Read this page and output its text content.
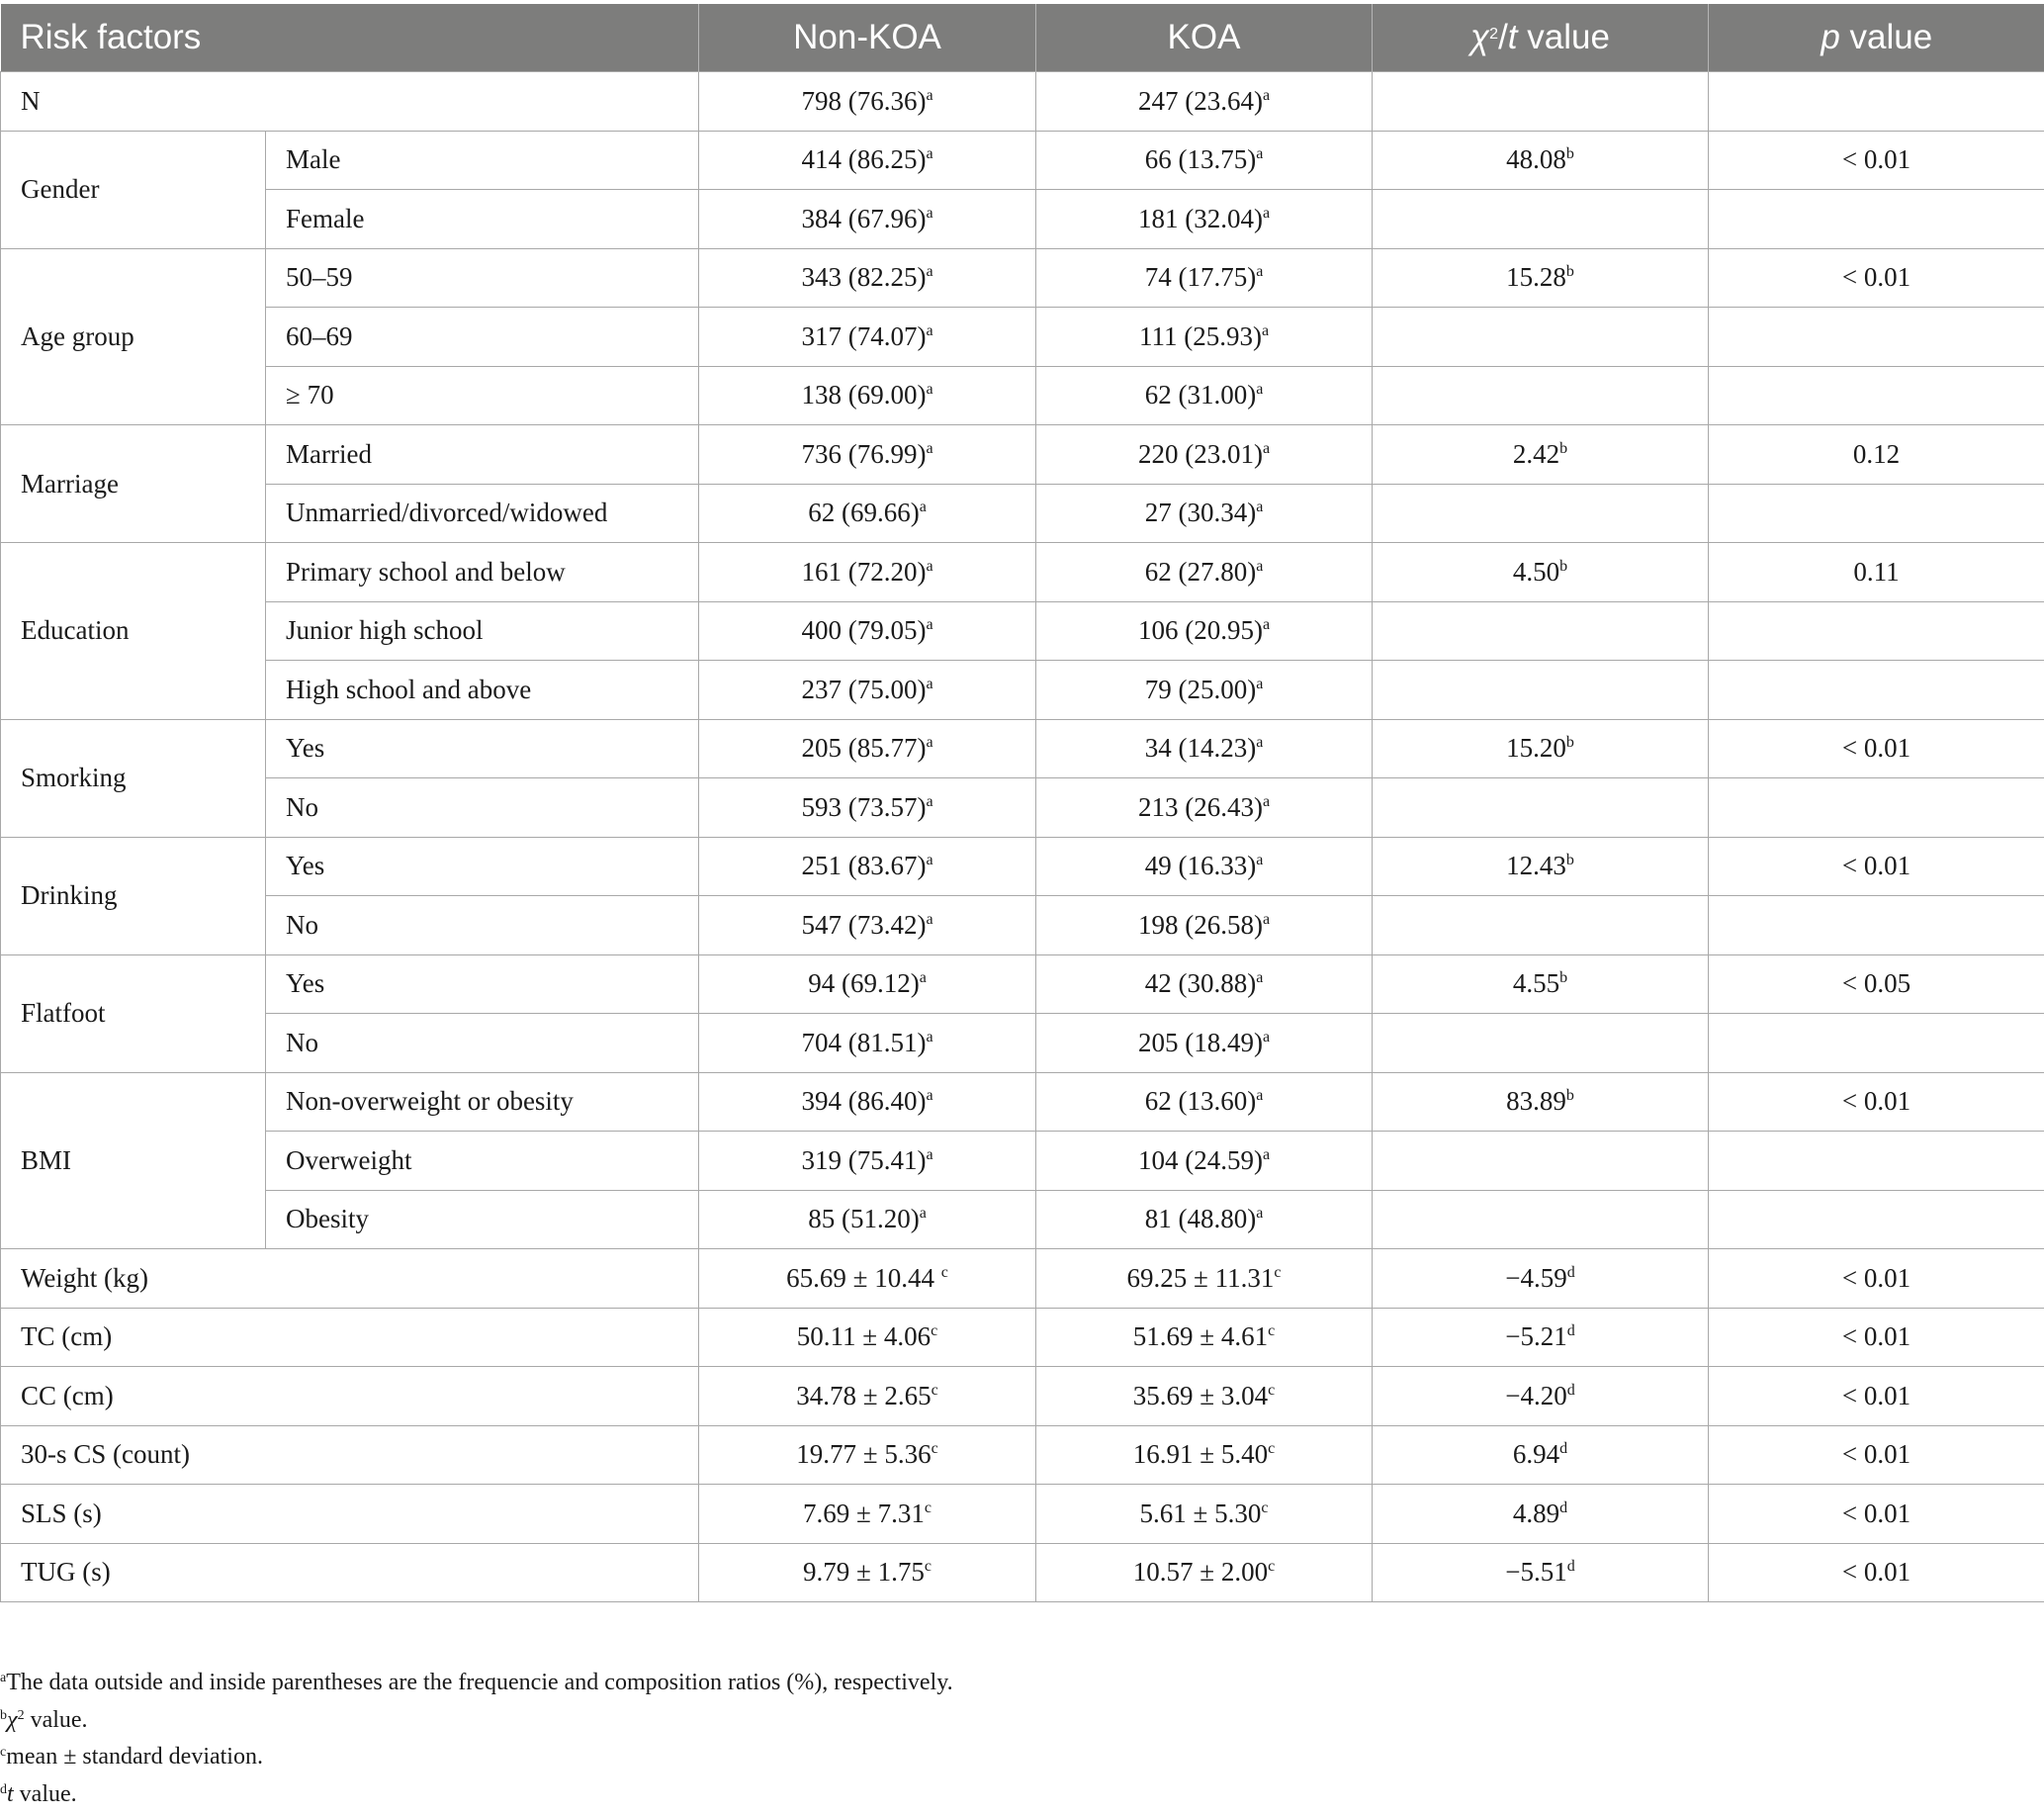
Risk factors		Non-KOA	KOA	$\chi^2/t$ value	p value
N		798 $(76.36)^a$	247 $(23.64)^a$		
Gender	Male	414 $(86.25)^a$	66 $(13.75)^a$	48.08$^b$	< 0.01
	Female	384 $(67.96)^a$	181 $(32.04)^a$		
Age group	50–59	343 $(82.25)^a$	74 $(17.75)^a$	15.28$^b$	< 0.01
	60–69	317 $(74.07)^a$	111 $(25.93)^a$		
	≥ 70	138 $(69.00)^a$	62 $(31.00)^a$		
Marriage	Married	736 $(76.99)^a$	220 $(23.01)^a$	2.42$^b$	0.12
	Unmarried/divorced/widowed	62 $(69.66)^a$	27 $(30.34)^a$		
Education	Primary school and below	161 $(72.20)^a$	62 $(27.80)^a$	4.50$^b$	0.11
	Junior high school	400 $(79.05)^a$	106 $(20.95)^a$		
	High school and above	237 $(75.00)^a$	79 $(25.00)^a$		
Smorking	Yes	205 $(85.77)^a$	34 $(14.23)^a$	15.20$^b$	< 0.01
	No	593 $(73.57)^a$	213 $(26.43)^a$		
Drinking	Yes	251 $(83.67)^a$	49 $(16.33)^a$	12.43$^b$	< 0.01
	No	547 $(73.42)^a$	198 $(26.58)^a$		
Flatfoot	Yes	94 $(69.12)^a$	42 $(30.88)^a$	4.55$^b$	< 0.05
	No	704 $(81.51)^a$	205 $(18.49)^a$		
BMI	Non-overweight or obesity	394 $(86.40)^a$	62 $(13.60)^a$	83.89$^b$	< 0.01
	Overweight	319 $(75.41)^a$	104 $(24.59)^a$		
	Obesity	85 $(51.20)^a$	81 $(48.80)^a$		
Weight (kg)		65.69 ± 10.44 $^c$	69.25 ± 11.31$^c$	−4.59$^d$	< 0.01
TC (cm)		50.11 ± 4.06$^c$	51.69 ± 4.61$^c$	−5.21$^d$	< 0.01
CC (cm)		34.78 ± 2.65$^c$	35.69 ± 3.04$^c$	−4.20$^d$	< 0.01
30-s CS (count)		19.77 ± 5.36$^c$	16.91 ± 5.40$^c$	6.94$^d$	< 0.01
SLS (s)		7.69 ± 7.31$^c$	5.61 ± 5.30$^c$	4.89$^d$	< 0.01
TUG (s)		9.79 ± 1.75$^c$	10.57 ± 2.00$^c$	−5.51$^d$	< 0.01
$^a$The data outside and inside parentheses are the frequencie and composition ratios (%), respectively.
$^b\chi^2$ value.
$^c$mean ± standard deviation.
$^d$t value.
